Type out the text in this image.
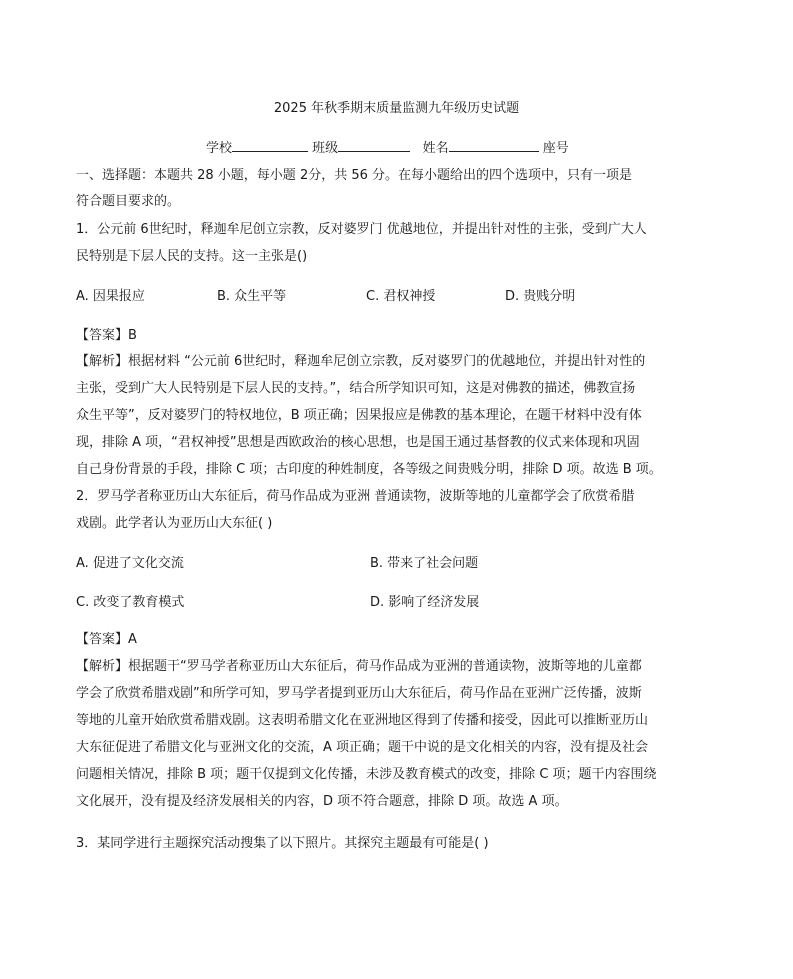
2025 年秋季期末质量监测九年级历史试题
学校	班级	姓名	座号
一、选择题：本题共 28 小题，每小题 2分，共 56 分。在每小题给出的四个选项中，只有一项是
符合题目要求的。
1．公元前 6世纪时，释迦牟尼创立宗教，反对婆罗门 优越地位，并提出针对性的主张，受到广大人
民特别是下层人民的支持。这一主张是()
A. 因果报应	B. 众生平等	C. 君权神授	D. 贵贱分明
【答案】B
【解析】根据材料 “公元前 6世纪时，释迦牟尼创立宗教，反对婆罗门的优越地位，并提出针对性的
主张，受到广大人民特别是下层人民的支持。”，结合所学知识可知，这是对佛教的描述，佛教宣扬
众生平等”，反对婆罗门的特权地位，B 项正确；因果报应是佛教的基本理论，在题干材料中没有体
现，排除 A 项，“君权神授”思想是西欧政治的核心思想，也是国王通过基督教的仪式来体现和巩固
自己身份背景的手段，排除 C 项；古印度的种姓制度，各等级之间贵贱分明，排除 D 项。故选 B 项。
2．罗马学者称亚历山大东征后，荷马作品成为亚洲 普通读物，波斯等地的儿童都学会了欣赏希腊
戏剧。此学者认为亚历山大东征( )
A. 促进了文化交流	B. 带来了社会问题
C. 改变了教育模式	D. 影响了经济发展
【答案】A
【解析】根据题干“罗马学者称亚历山大东征后，荷马作品成为亚洲的普通读物，波斯等地的儿童都
学会了欣赏希腊戏剧”和所学可知，罗马学者提到亚历山大东征后，荷马作品在亚洲广泛传播，波斯
等地的儿童开始欣赏希腊戏剧。这表明希腊文化在亚洲地区得到了传播和接受，因此可以推断亚历山
大东征促进了希腊文化与亚洲文化的交流，A 项正确；题干中说的是文化相关的内容，没有提及社会
问题相关情况，排除 B 项；题干仅提到文化传播，未涉及教育模式的改变，排除 C 项；题干内容围绕
文化展开，没有提及经济发展相关的内容，D 项不符合题意，排除 D 项。故选 A 项。
3．某同学进行主题探究活动搜集了以下照片。其探究主题最有可能是( )
